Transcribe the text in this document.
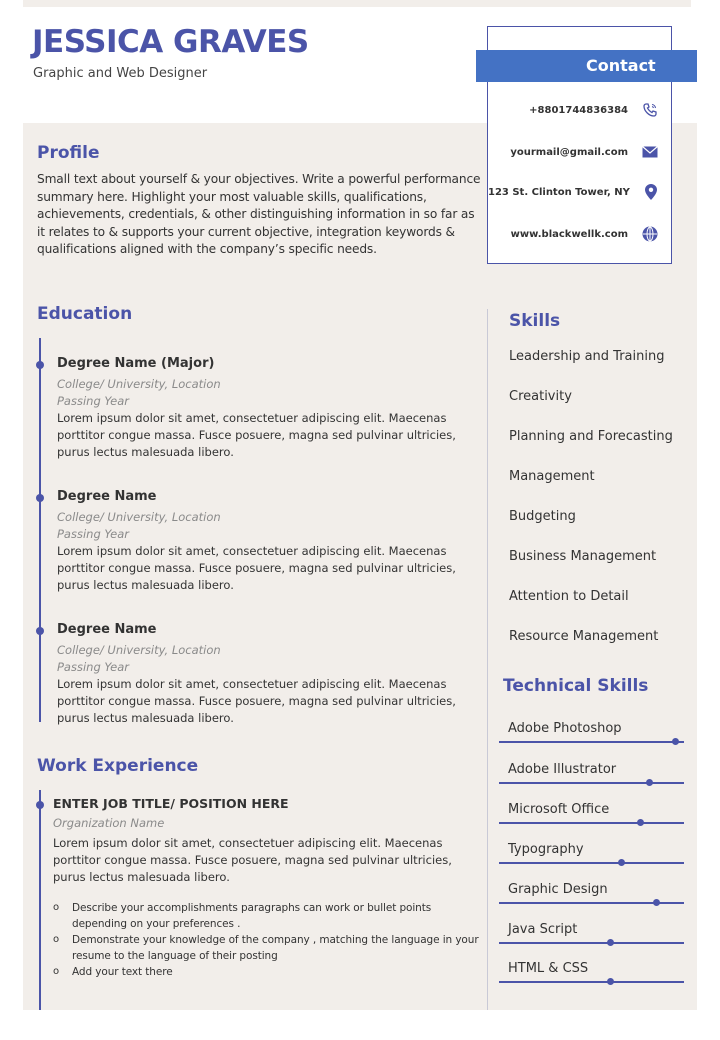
JESSICA GRAVES
Graphic and Web Designer	Contact
+8801744836384
yourmail@gmail.com
123 St. Clinton Tower, NY
www.blackwellk.com
Profile
Small text about yourself & your objectives. Write a powerful performance summary here. Highlight your most valuable skills, qualifications, achievements, credentials, & other distinguishing information in so far as it relates to & supports your current objective, integration keywords & qualifications aligned with the company’s specific needs.
Education
Degree Name (Major)
College/ University, Location
Passing Year
Lorem ipsum dolor sit amet, consectetuer adipiscing elit. Maecenas porttitor congue massa. Fusce posuere, magna sed pulvinar ultricies, purus lectus malesuada libero.
Degree Name
College/ University, Location
Passing Year
Lorem ipsum dolor sit amet, consectetuer adipiscing elit. Maecenas porttitor congue massa. Fusce posuere, magna sed pulvinar ultricies, purus lectus malesuada libero.
Degree Name
College/ University, Location
Passing Year
Lorem ipsum dolor sit amet, consectetuer adipiscing elit. Maecenas porttitor congue massa. Fusce posuere, magna sed pulvinar ultricies, purus lectus malesuada libero.
Work Experience
ENTER JOB TITLE/ POSITION HERE
Organization Name
Lorem ipsum dolor sit amet, consectetuer adipiscing elit. Maecenas porttitor congue massa. Fusce posuere, magna sed pulvinar ultricies, purus lectus malesuada libero.
o Describe your accomplishments paragraphs can work or bullet points depending on your preferences .
o Demonstrate your knowledge of the company , matching the language in your resume to the language of their posting
o Add your text there
Skills
Leadership and Training
Creativity
Planning and Forecasting
Management
Budgeting
Business Management
Attention to Detail
Resource Management
Technical Skills
Adobe Photoshop
Adobe Illustrator
Microsoft Office
Typography
Graphic Design
Java Script
HTML & CSS
